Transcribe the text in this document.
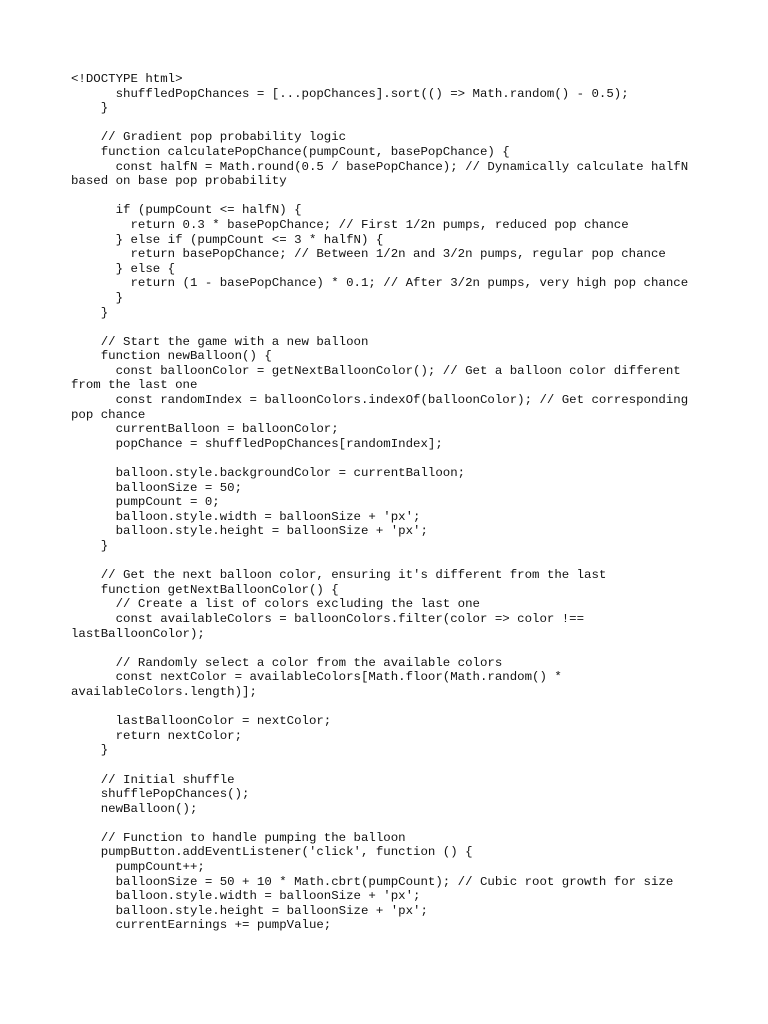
<!DOCTYPE html>
shuffledPopChances = [...popChances].sort(() => Math.random() - 0.5);
}
// Gradient pop probability logic
function calculatePopChance(pumpCount, basePopChance) {
const halfN = Math.round(0.5 / basePopChance); // Dynamically calculate halfN
based on base pop probability
if (pumpCount <= halfN) {
return 0.3 * basePopChance; // First 1/2n pumps, reduced pop chance
} else if (pumpCount <= 3 * halfN) {
return basePopChance; // Between 1/2n and 3/2n pumps, regular pop chance
} else {
return (1 - basePopChance) * 0.1; // After 3/2n pumps, very high pop chance
}
}
// Start the game with a new balloon
function newBalloon() {
const balloonColor = getNextBalloonColor(); // Get a balloon color different
from the last one
const randomIndex = balloonColors.indexOf(balloonColor); // Get corresponding
pop chance
currentBalloon = balloonColor;
popChance = shuffledPopChances[randomIndex];
balloon.style.backgroundColor = currentBalloon;
balloonSize = 50;
pumpCount = 0;
balloon.style.width = balloonSize + 'px';
balloon.style.height = balloonSize + 'px';
}
// Get the next balloon color, ensuring it's different from the last
function getNextBalloonColor() {
// Create a list of colors excluding the last one
const availableColors = balloonColors.filter(color => color !==
lastBalloonColor);
// Randomly select a color from the available colors
const nextColor = availableColors[Math.floor(Math.random() *
availableColors.length)];
lastBalloonColor = nextColor;
return nextColor;
}
// Initial shuffle
shufflePopChances();
newBalloon();
// Function to handle pumping the balloon
pumpButton.addEventListener('click', function () {
pumpCount++;
balloonSize = 50 + 10 * Math.cbrt(pumpCount); // Cubic root growth for size
balloon.style.width = balloonSize + 'px';
balloon.style.height = balloonSize + 'px';
currentEarnings += pumpValue;
